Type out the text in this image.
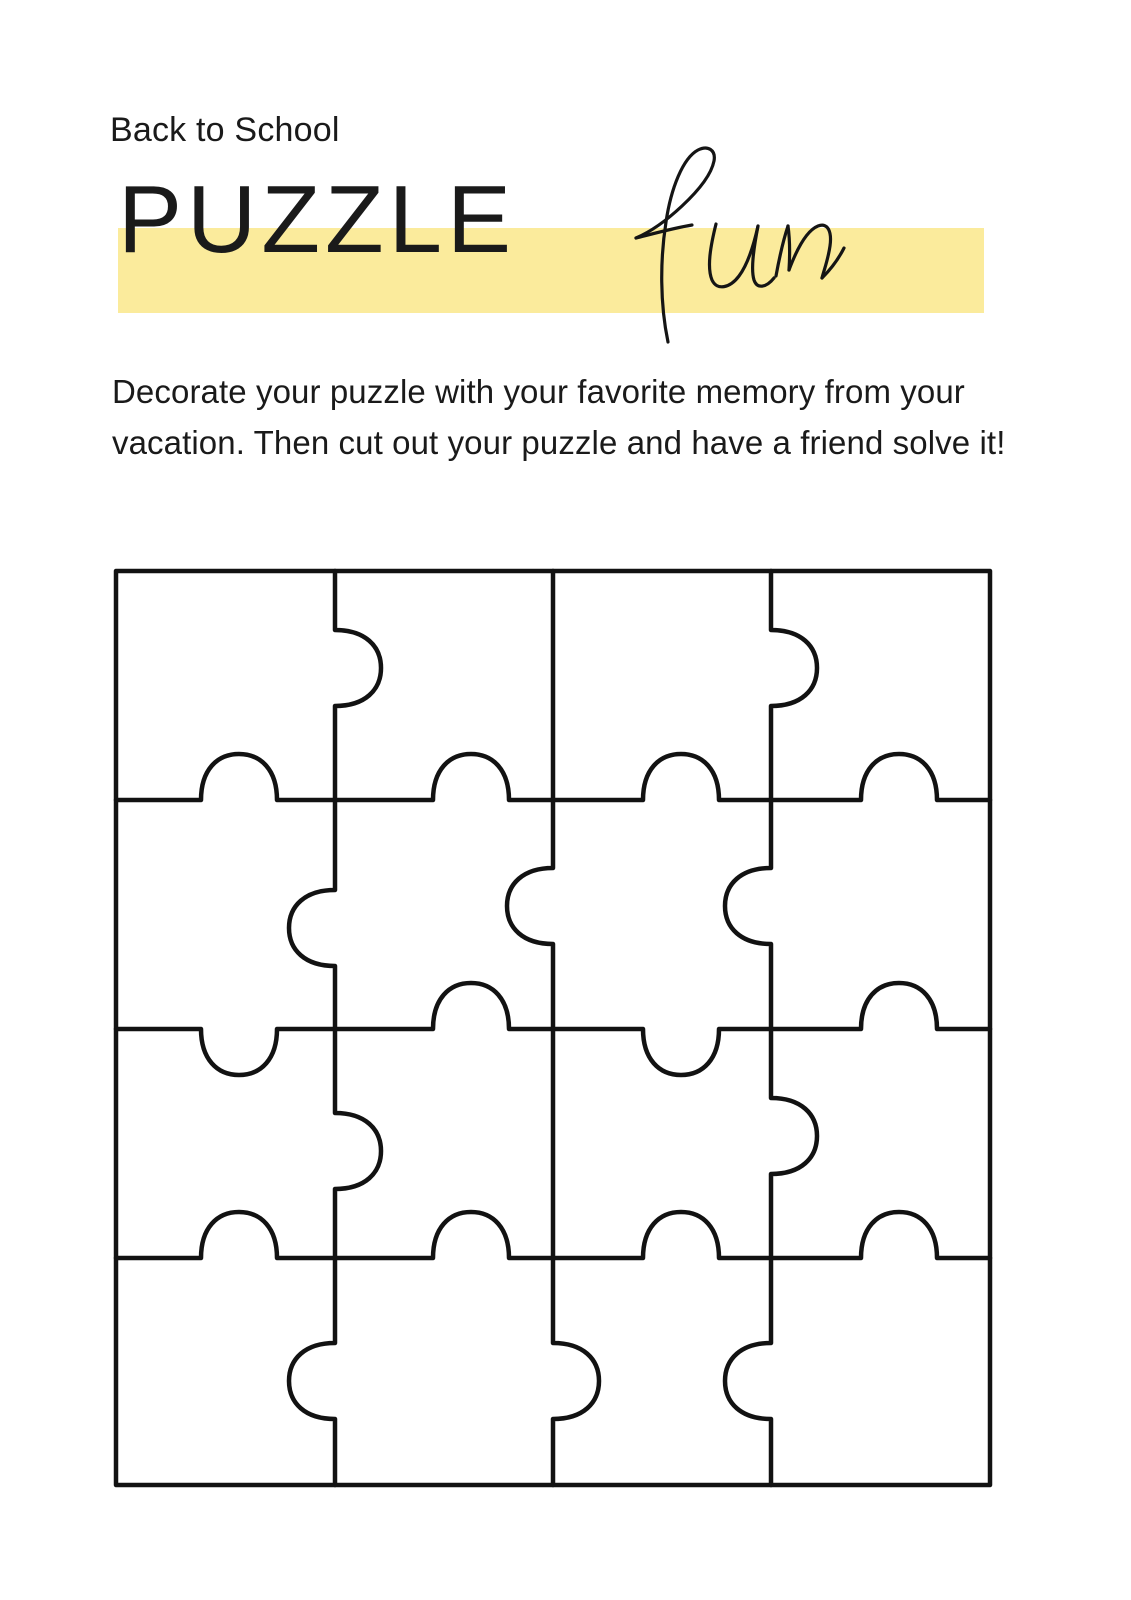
Back to School
PUZZLE
Decorate your puzzle with your favorite memory from your vacation. Then cut out your puzzle and have a friend solve it!
